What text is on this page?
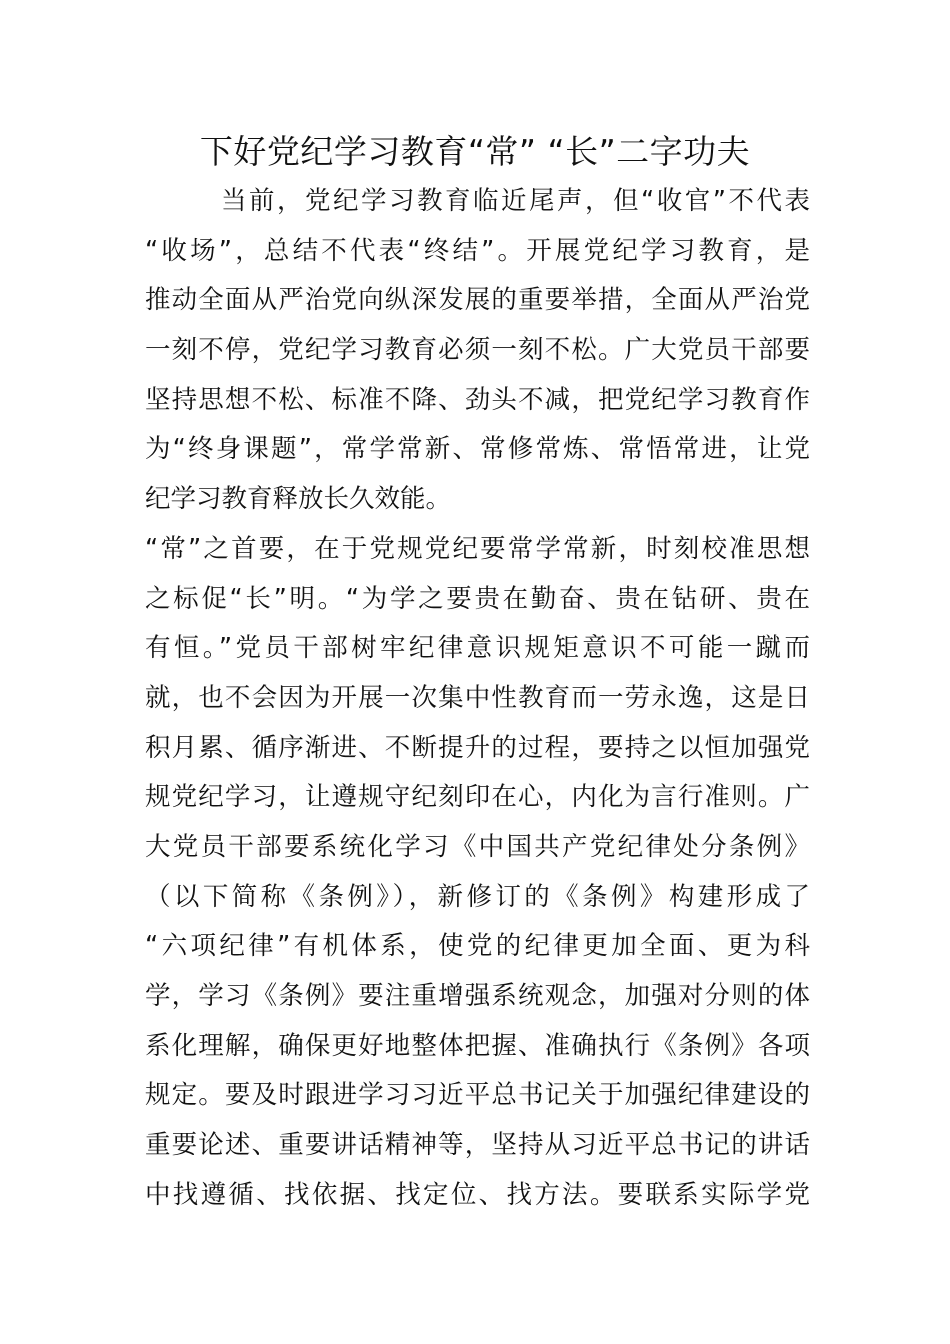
下好党纪学习教育“常” “长”二字功夫
当前，党纪学习教育临近尾声，但“收官”不代表
“收场”，总结不代表“终结”。开展党纪学习教育，是
推动全面从严治党向纵深发展的重要举措，全面从严治党
一刻不停，党纪学习教育必须一刻不松。广大党员干部要
坚持思想不松、标准不降、劲头不减，把党纪学习教育作
为“终身课题”，常学常新、常修常炼、常悟常进，让党
纪学习教育释放长久效能。
“常”之首要，在于党规党纪要常学常新，时刻校准思想
之标促“长”明。“为学之要贵在勤奋、贵在钻研、贵在
有恒。”党员干部树牢纪律意识规矩意识不可能一蹴而
就，也不会因为开展一次集中性教育而一劳永逸，这是日
积月累、循序渐进、不断提升的过程，要持之以恒加强党
规党纪学习，让遵规守纪刻印在心，内化为言行准则。广
大党员干部要系统化学习《中国共产党纪律处分条例》
（以下简称《条例》），新修订的《条例》构建形成了
“六项纪律”有机体系，使党的纪律更加全面、更为科
学，学习《条例》要注重增强系统观念，加强对分则的体
系化理解，确保更好地整体把握、准确执行《条例》各项
规定。要及时跟进学习习近平总书记关于加强纪律建设的
重要论述、重要讲话精神等，坚持从习近平总书记的讲话
中找遵循、找依据、找定位、找方法。要联系实际学党
